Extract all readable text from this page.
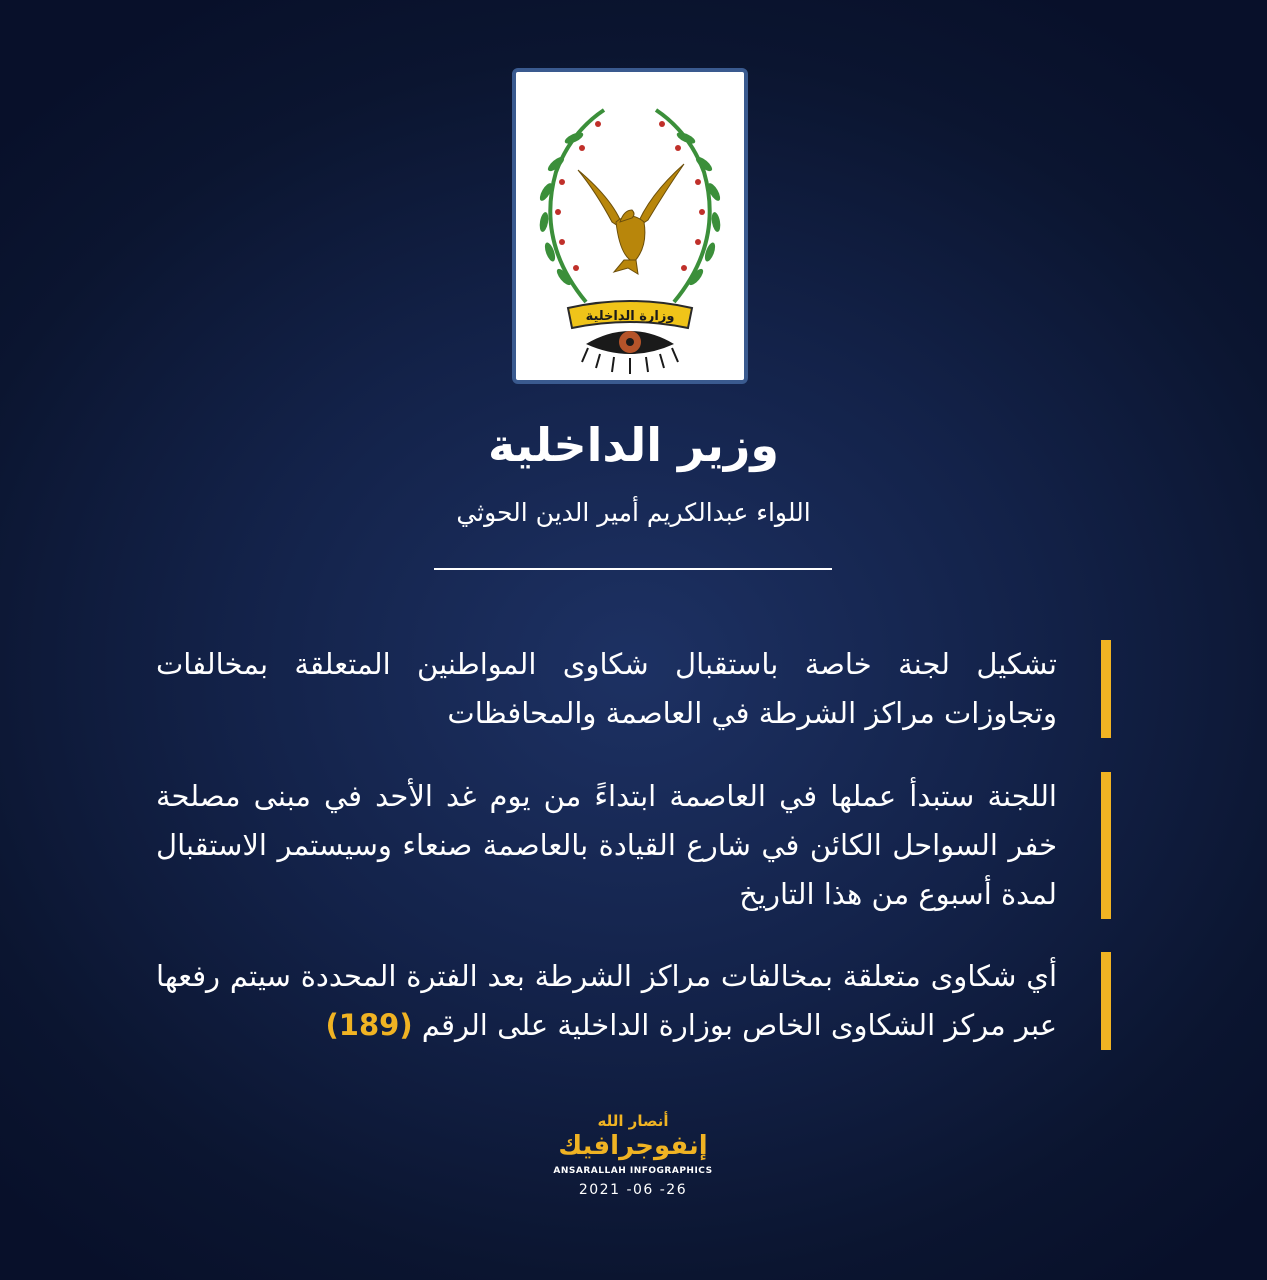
وزارة الداخلية
وزير الداخلية
اللواء عبدالكريم أمير الدين الحوثي

تشكيل لجنة خاصة باستقبال شكاوى المواطنين المتعلقة بمخالفات وتجاوزات مراكز الشرطة في العاصمة والمحافظات

اللجنة ستبدأ عملها في العاصمة ابتداءً من يوم غد الأحد في مبنى مصلحة خفر السواحل الكائن في شارع القيادة بالعاصمة صنعاء وسيستمر الاستقبال لمدة أسبوع من هذا التاريخ

أي شكاوى متعلقة بمخالفات مراكز الشرطة بعد الفترة المحددة سيتم رفعها عبر مركز الشكاوى الخاص بوزارة الداخلية على الرقم (189)

أنصار الله
إنفوجرافيك
ANSARALLAH INFOGRAPHICS
2021 -06 -26
